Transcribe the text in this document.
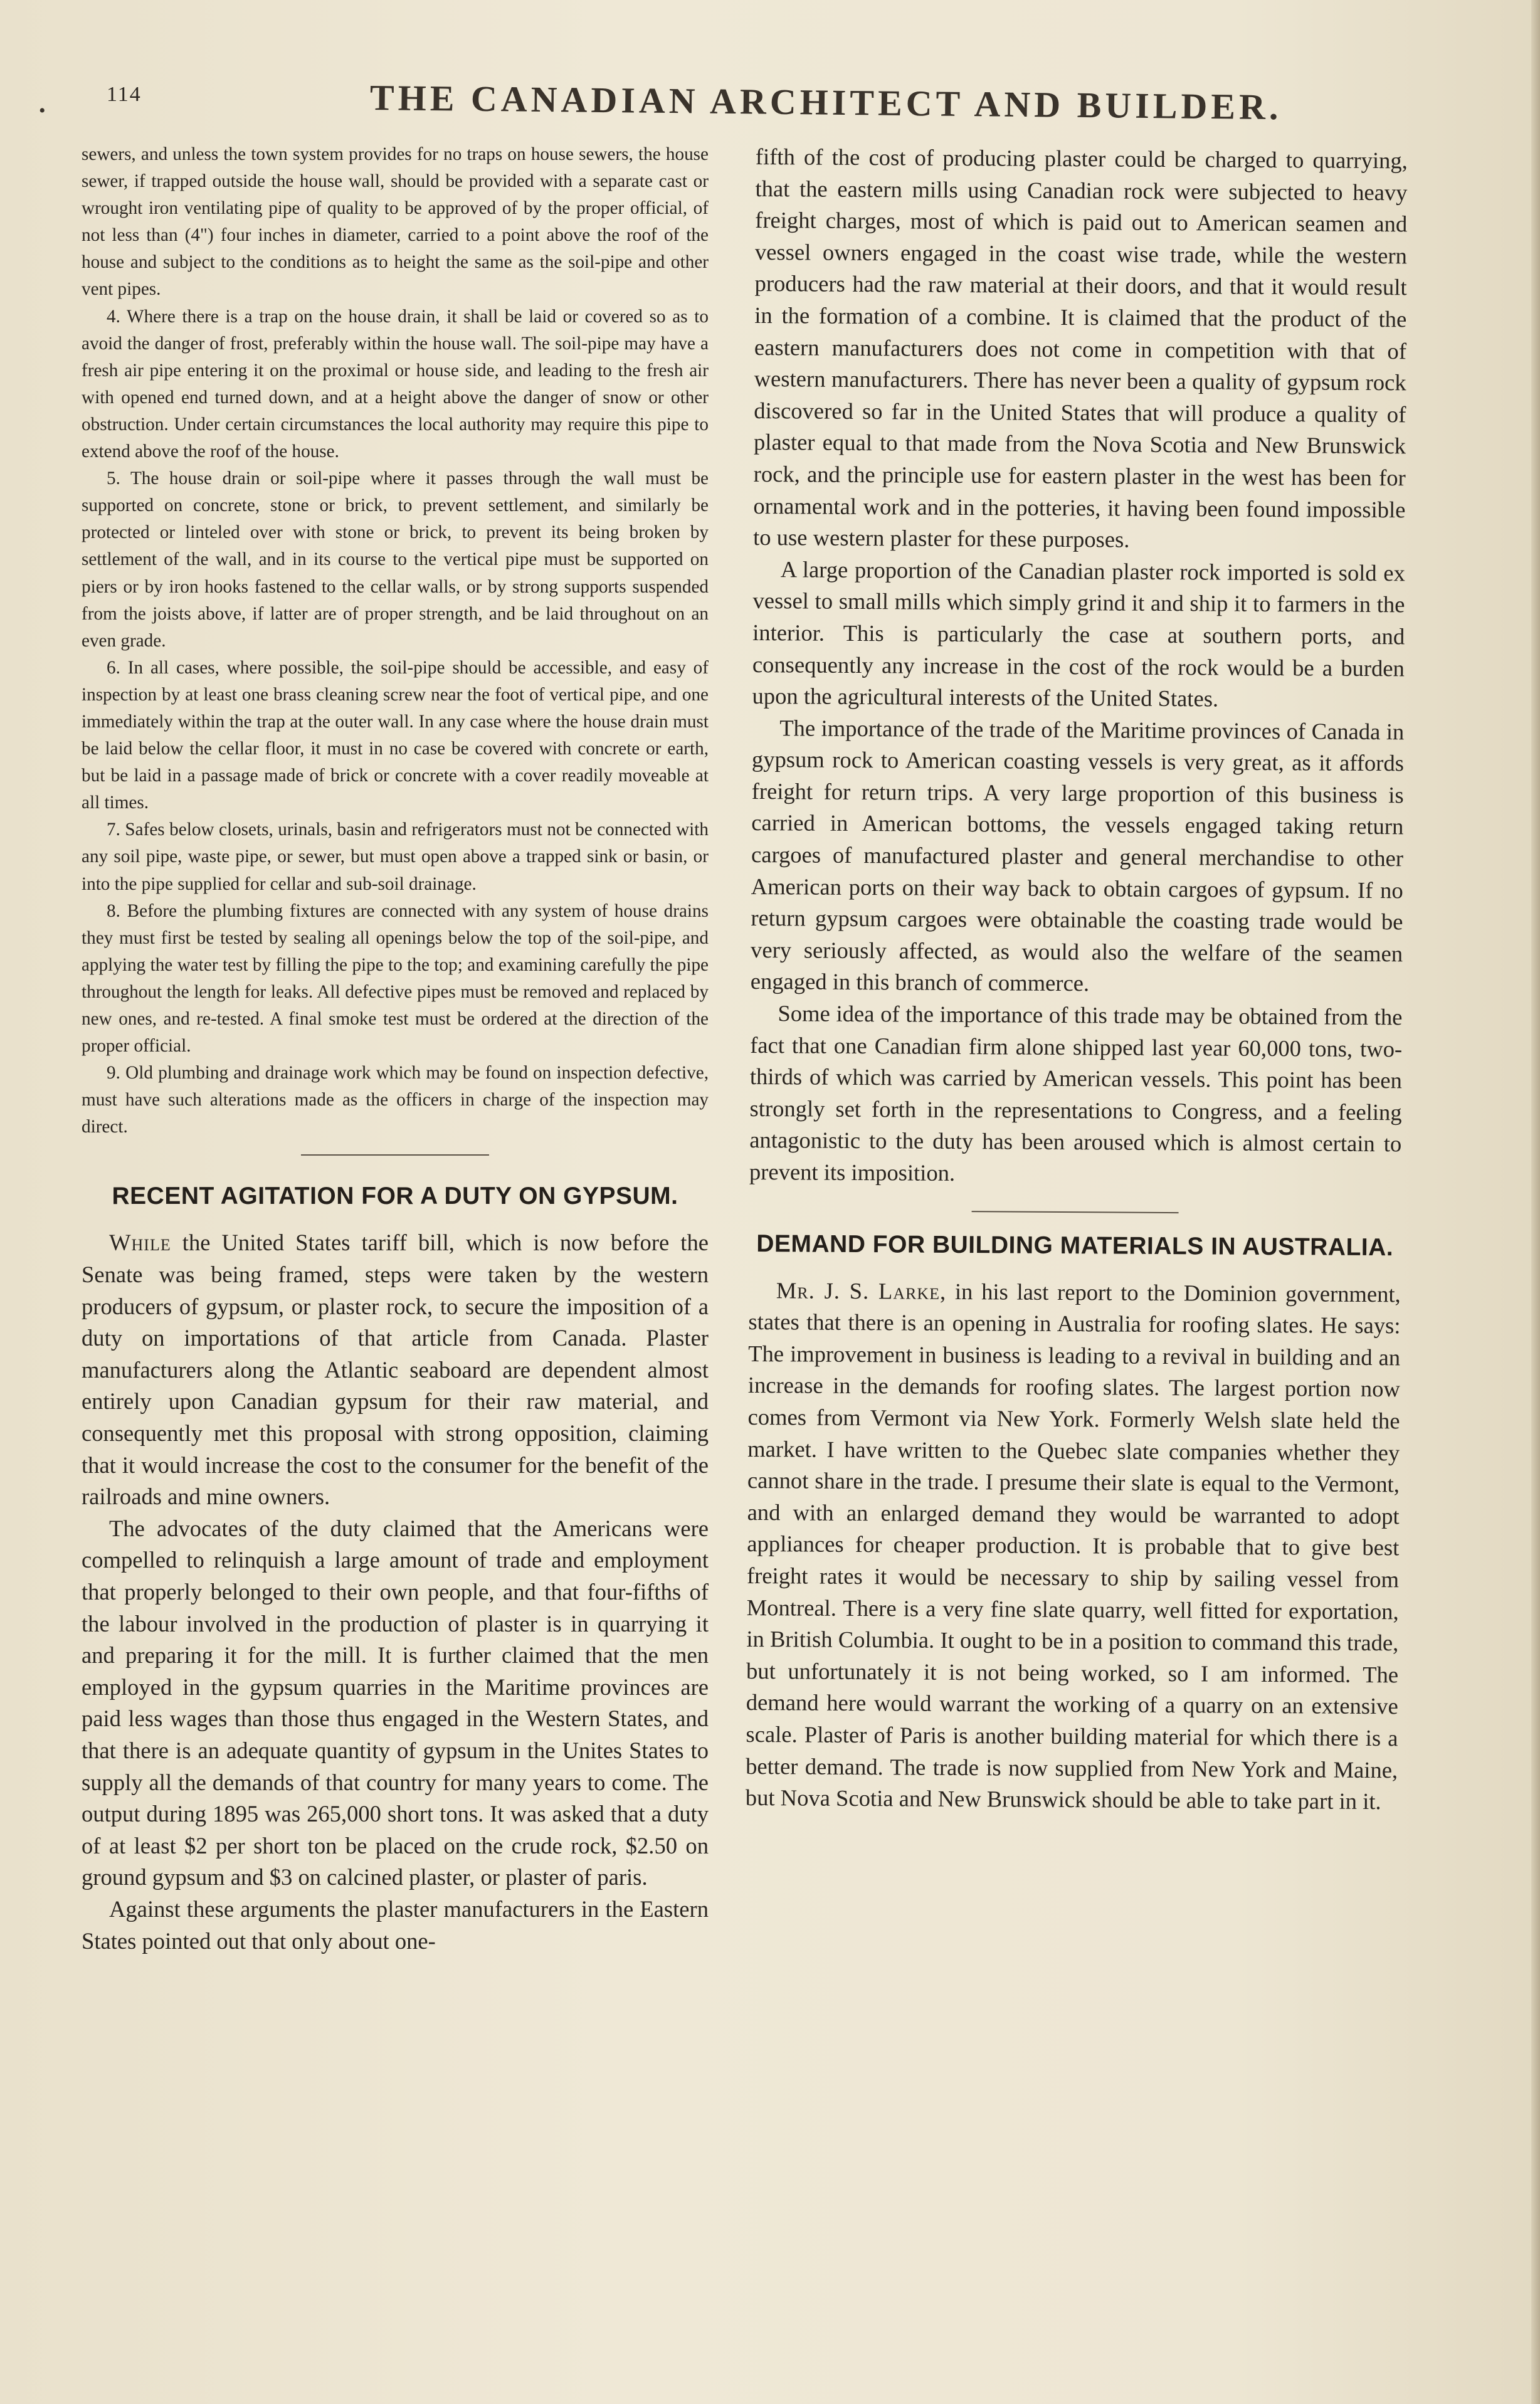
•
114	THE CANADIAN ARCHITECT AND BUILDER.

sewers, and unless the town system provides for no traps on house sewers, the house sewer, if trapped outside the house wall, should be provided with a separate cast or wrought iron ventilating pipe of quality to be approved of by the proper official, of not less than (4") four inches in diameter, carried to a point above the roof of the house and subject to the conditions as to height the same as the soil-pipe and other vent pipes.

4. Where there is a trap on the house drain, it shall be laid or covered so as to avoid the danger of frost, preferably within the house wall. The soil-pipe may have a fresh air pipe entering it on the proximal or house side, and leading to the fresh air with opened end turned down, and at a height above the danger of snow or other obstruction. Under certain circumstances the local authority may require this pipe to extend above the roof of the house.

5. The house drain or soil-pipe where it passes through the wall must be supported on concrete, stone or brick, to prevent settlement, and similarly be protected or linteled over with stone or brick, to prevent its being broken by settlement of the wall, and in its course to the vertical pipe must be supported on piers or by iron hooks fastened to the cellar walls, or by strong supports suspended from the joists above, if latter are of proper strength, and be laid throughout on an even grade.

6. In all cases, where possible, the soil-pipe should be accessible, and easy of inspection by at least one brass cleaning screw near the foot of vertical pipe, and one immediately within the trap at the outer wall. In any case where the house drain must be laid below the cellar floor, it must in no case be covered with concrete or earth, but be laid in a passage made of brick or concrete with a cover readily moveable at all times.

7. Safes below closets, urinals, basin and refrigerators must not be connected with any soil pipe, waste pipe, or sewer, but must open above a trapped sink or basin, or into the pipe supplied for cellar and sub-soil drainage.

8. Before the plumbing fixtures are connected with any system of house drains they must first be tested by sealing all openings below the top of the soil-pipe, and applying the water test by filling the pipe to the top; and examining carefully the pipe throughout the length for leaks. All defective pipes must be removed and replaced by new ones, and re-tested. A final smoke test must be ordered at the direction of the proper official.

9. Old plumbing and drainage work which may be found on inspection defective, must have such alterations made as the officers in charge of the inspection may direct.

RECENT AGITATION FOR A DUTY ON GYPSUM.

While the United States tariff bill, which is now before the Senate was being framed, steps were taken by the western producers of gypsum, or plaster rock, to secure the imposition of a duty on importations of that article from Canada. Plaster manufacturers along the Atlantic seaboard are dependent almost entirely upon Canadian gypsum for their raw material, and consequently met this proposal with strong opposition, claiming that it would increase the cost to the consumer for the benefit of the railroads and mine owners.

The advocates of the duty claimed that the Americans were compelled to relinquish a large amount of trade and employment that properly belonged to their own people, and that four-fifths of the labour involved in the production of plaster is in quarrying it and preparing it for the mill. It is further claimed that the men employed in the gypsum quarries in the Maritime provinces are paid less wages than those thus engaged in the Western States, and that there is an adequate quantity of gypsum in the Unites States to supply all the demands of that country for many years to come. The output during 1895 was 265,000 short tons. It was asked that a duty of at least $2 per short ton be placed on the crude rock, $2.50 on ground gypsum and $3 on calcined plaster, or plaster of paris.

Against these arguments the plaster manufacturers in the Eastern States pointed out that only about one-

fifth of the cost of producing plaster could be charged to quarrying, that the eastern mills using Canadian rock were subjected to heavy freight charges, most of which is paid out to American seamen and vessel owners engaged in the coast wise trade, while the western producers had the raw material at their doors, and that it would result in the formation of a combine. It is claimed that the product of the eastern manufacturers does not come in competition with that of western manufacturers. There has never been a quality of gypsum rock discovered so far in the United States that will produce a quality of plaster equal to that made from the Nova Scotia and New Brunswick rock, and the principle use for eastern plaster in the west has been for ornamental work and in the potteries, it having been found impossible to use western plaster for these purposes.

A large proportion of the Canadian plaster rock imported is sold ex vessel to small mills which simply grind it and ship it to farmers in the interior. This is particularly the case at southern ports, and consequently any increase in the cost of the rock would be a burden upon the agricultural interests of the United States.

The importance of the trade of the Maritime provinces of Canada in gypsum rock to American coasting vessels is very great, as it affords freight for return trips. A very large proportion of this business is carried in American bottoms, the vessels engaged taking return cargoes of manufactured plaster and general merchandise to other American ports on their way back to obtain cargoes of gypsum. If no return gypsum cargoes were obtainable the coasting trade would be very seriously affected, as would also the welfare of the seamen engaged in this branch of commerce.

Some idea of the importance of this trade may be obtained from the fact that one Canadian firm alone shipped last year 60,000 tons, two-thirds of which was carried by American vessels. This point has been strongly set forth in the representations to Congress, and a feeling antagonistic to the duty has been aroused which is almost certain to prevent its imposition.

DEMAND FOR BUILDING MATERIALS IN AUSTRALIA.

Mr. J. S. Larke, in his last report to the Dominion government, states that there is an opening in Australia for roofing slates. He says: The improvement in business is leading to a revival in building and an increase in the demands for roofing slates. The largest portion now comes from Vermont via New York. Formerly Welsh slate held the market. I have written to the Quebec slate companies whether they cannot share in the trade. I presume their slate is equal to the Vermont, and with an enlarged demand they would be warranted to adopt appliances for cheaper production. It is probable that to give best freight rates it would be necessary to ship by sailing vessel from Montreal. There is a very fine slate quarry, well fitted for exportation, in British Columbia. It ought to be in a position to command this trade, but unfortunately it is not being worked, so I am informed. The demand here would warrant the working of a quarry on an extensive scale. Plaster of Paris is another building material for which there is a better demand. The trade is now supplied from New York and Maine, but Nova Scotia and New Brunswick should be able to take part in it.
